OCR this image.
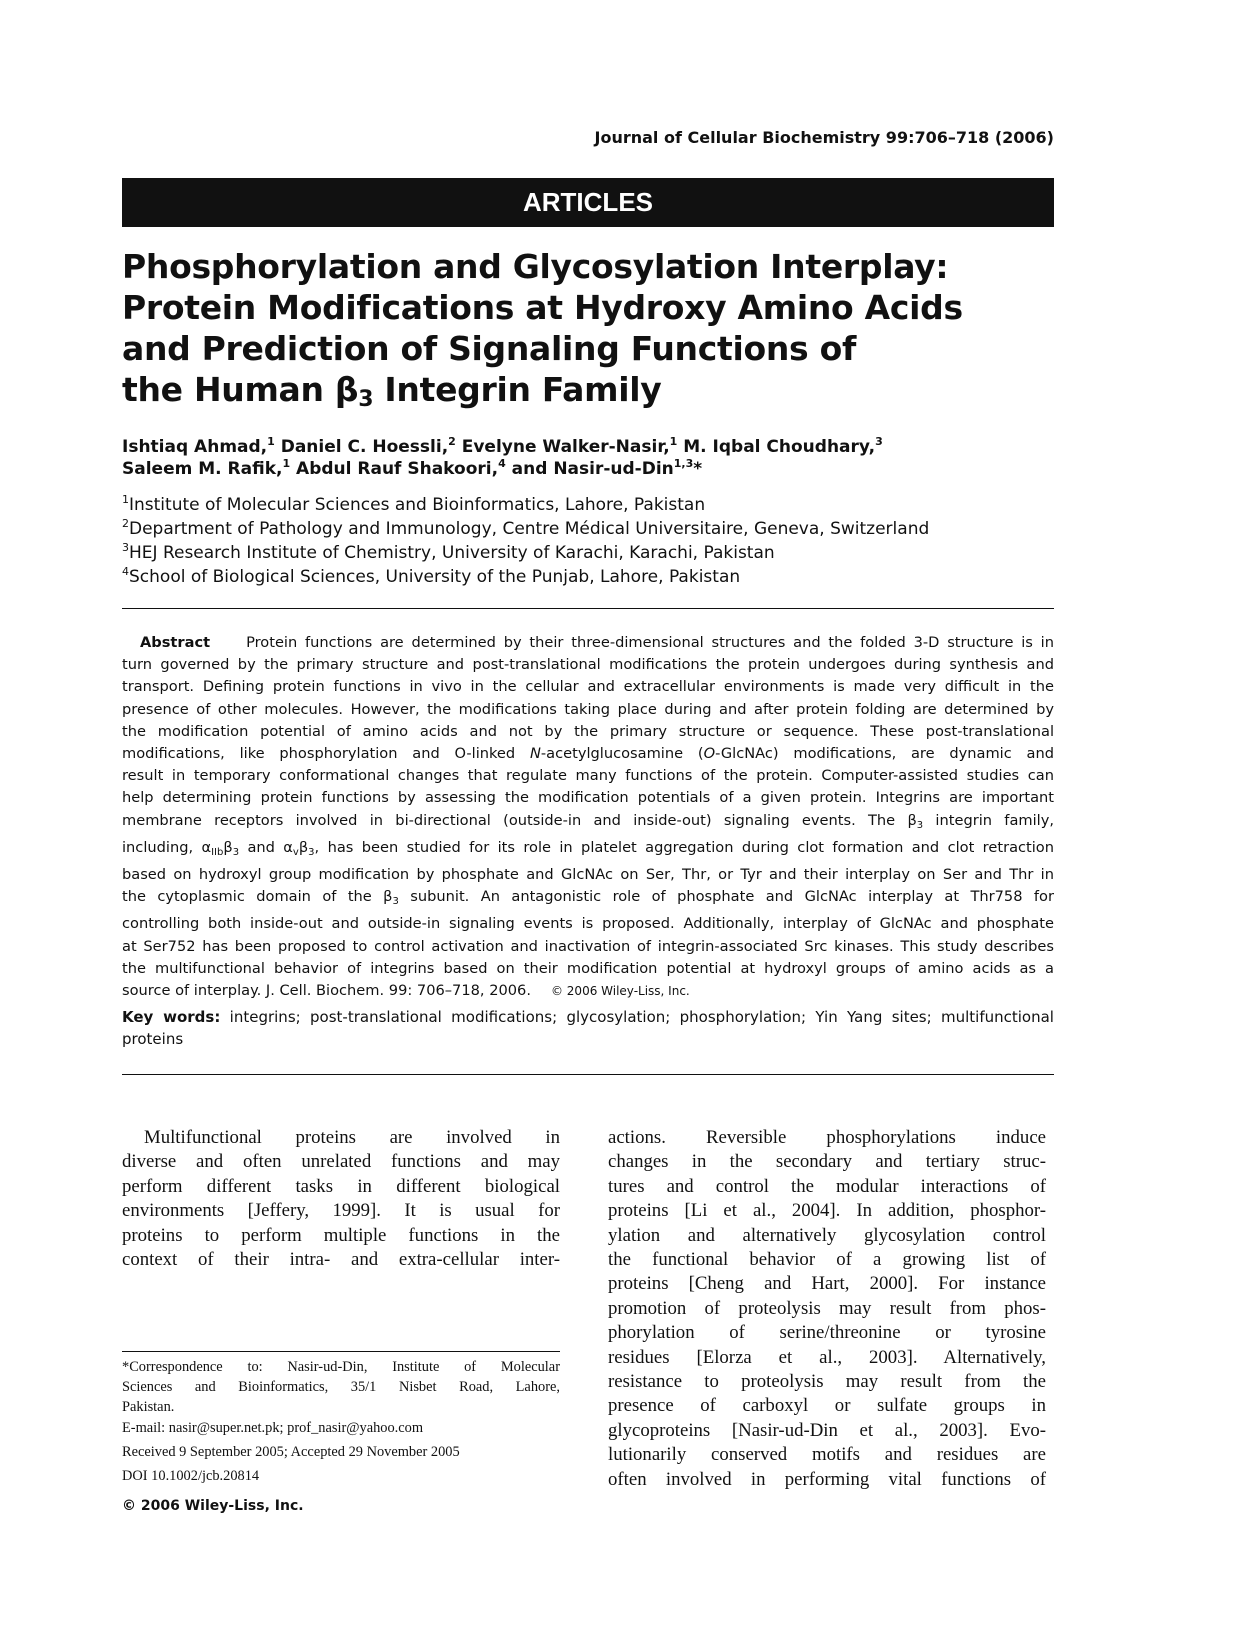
Journal of Cellular Biochemistry 99:706–718 (2006)
ARTICLES
Phosphorylation and Glycosylation Interplay:
Protein Modifications at Hydroxy Amino Acids
and Prediction of Signaling Functions of
the Human β3 Integrin Family
Ishtiaq Ahmad,$^1$ Daniel C. Hoessli,$^2$ Evelyne Walker-Nasir,$^1$ M. Iqbal Choudhary,$^3$
Saleem M. Rafik,$^1$ Abdul Rauf Shakoori,$^4$ and Nasir-ud-Din$^{1,3}$*
$^1$Institute of Molecular Sciences and Bioinformatics, Lahore, Pakistan
$^2$Department of Pathology and Immunology, Centre Médical Universitaire, Geneva, Switzerland
$^3$HEJ Research Institute of Chemistry, University of Karachi, Karachi, Pakistan
$^4$School of Biological Sciences, University of the Punjab, Lahore, Pakistan
Abstract Protein functions are determined by their three-dimensional structures and the folded 3-D structure is in
turn governed by the primary structure and post-translational modifications the protein undergoes during synthesis and
transport. Defining protein functions in vivo in the cellular and extracellular environments is made very difficult in the
presence of other molecules. However, the modifications taking place during and after protein folding are determined by
the modification potential of amino acids and not by the primary structure or sequence. These post-translational
modifications, like phosphorylation and O-linked N-acetylglucosamine (O-GlcNAc) modifications, are dynamic and
result in temporary conformational changes that regulate many functions of the protein. Computer-assisted studies can
help determining protein functions by assessing the modification potentials of a given protein. Integrins are important
membrane receptors involved in bi-directional (outside-in and inside-out) signaling events. The $\beta_3$ integrin family,
including, $\alpha_{IIb}\beta_3$ and $\alpha_v\beta_3$, has been studied for its role in platelet aggregation during clot formation and clot retraction
based on hydroxyl group modification by phosphate and GlcNAc on Ser, Thr, or Tyr and their interplay on Ser and Thr in
the cytoplasmic domain of the $\beta_3$ subunit. An antagonistic role of phosphate and GlcNAc interplay at Thr758 for
controlling both inside-out and outside-in signaling events is proposed. Additionally, interplay of GlcNAc and phosphate
at Ser752 has been proposed to control activation and inactivation of integrin-associated Src kinases. This study describes
the multifunctional behavior of integrins based on their modification potential at hydroxyl groups of amino acids as a
source of interplay. J. Cell. Biochem. 99: 706–718, 2006. © 2006 Wiley-Liss, Inc.
Key words: integrins; post-translational modifications; glycosylation; phosphorylation; Yin Yang sites; multifunctional
proteins
Multifunctional proteins are involved in
diverse and often unrelated functions and may
perform different tasks in different biological
environments [Jeffery, 1999]. It is usual for
proteins to perform multiple functions in the
context of their intra- and extra-cellular inter-
actions. Reversible phosphorylations induce
changes in the secondary and tertiary struc-
tures and control the modular interactions of
proteins [Li et al., 2004]. In addition, phosphor-
ylation and alternatively glycosylation control
the functional behavior of a growing list of
proteins [Cheng and Hart, 2000]. For instance
promotion of proteolysis may result from phos-
phorylation of serine/threonine or tyrosine
residues [Elorza et al., 2003]. Alternatively,
resistance to proteolysis may result from the
presence of carboxyl or sulfate groups in
glycoproteins [Nasir-ud-Din et al., 2003]. Evo-
lutionarily conserved motifs and residues are
often involved in performing vital functions of
*Correspondence to: Nasir-ud-Din, Institute of Molecular
Sciences and Bioinformatics, 35/1 Nisbet Road, Lahore,
Pakistan.
E-mail: nasir@super.net.pk; prof_nasir@yahoo.com
Received 9 September 2005; Accepted 29 November 2005
DOI 10.1002/jcb.20814
© 2006 Wiley-Liss, Inc.
